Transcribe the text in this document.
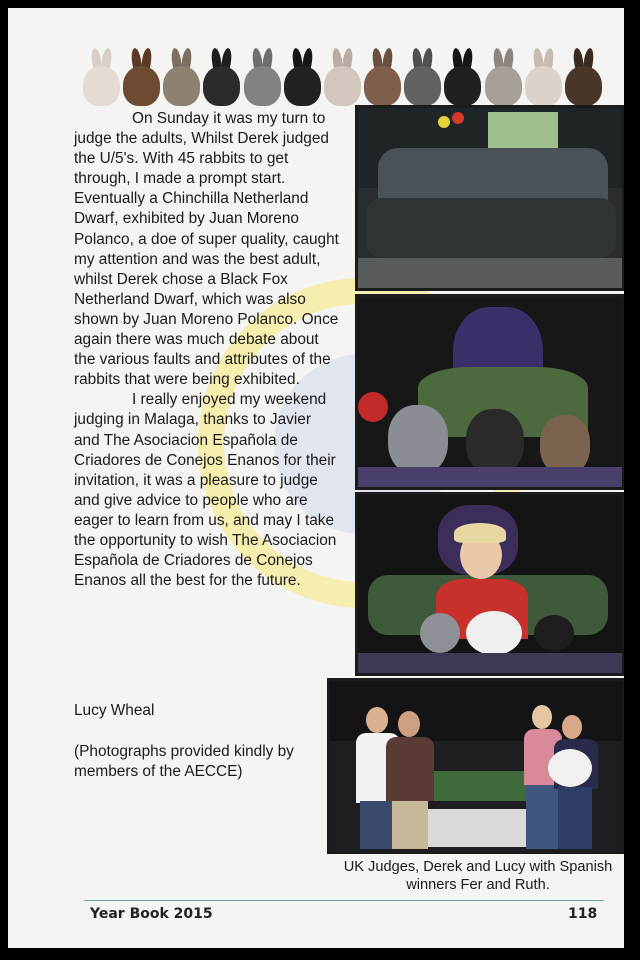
On Sunday it was my turn to judge the adults, Whilst Derek judged the U/5's. With 45 rabbits to get through, I made a prompt start. Eventually a Chinchilla Netherland Dwarf, exhibited by Juan Moreno Polanco, a doe of super quality, caught my attention and was the best adult, whilst Derek chose a Black Fox Netherland Dwarf, which was also shown by Juan Moreno Polanco. Once again there was much debate about the various faults and attributes of the rabbits that were being exhibited.

I really enjoyed my weekend judging in Malaga, thanks to Javier and The Asociacion Española de Criadores de Conejos Enanos for their invitation, it was a pleasure to judge and give advice to people who are eager to learn from us, and may I take the opportunity to wish The Asociacion Española de Criadores de Conejos Enanos all the best for the future.

Lucy Wheal
(Photographs provided kindly by members of the AECCE)
UK Judges, Derek and Lucy with Spanish winners Fer and Ruth.
Year Book 2015	118
